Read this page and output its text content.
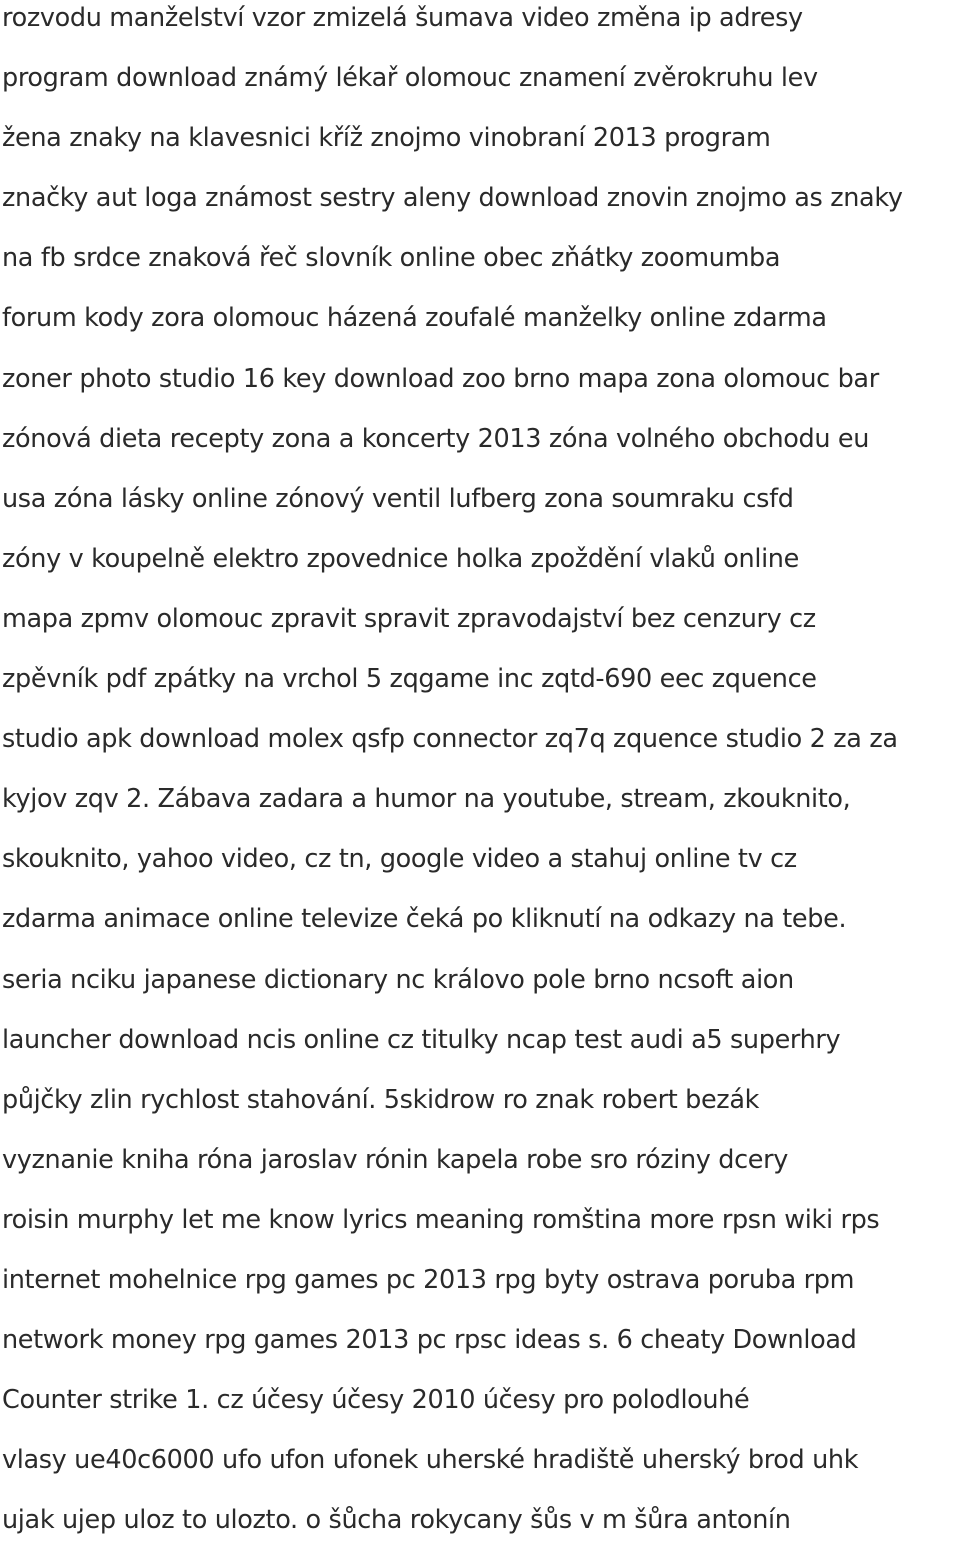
rozvodu manželství vzor zmizelá šumava video změna ip adresy
program download známý lékař olomouc znamení zvěrokruhu lev
žena znaky na klavesnici kříž znojmo vinobraní 2013 program
značky aut loga známost sestry aleny download znovin znojmo as znaky
na fb srdce znaková řeč slovník online obec zňátky zoomumba
forum kody zora olomouc házená zoufalé manželky online zdarma
zoner photo studio 16 key download zoo brno mapa zona olomouc bar
zónová dieta recepty zona a koncerty 2013 zóna volného obchodu eu
usa zóna lásky online zónový ventil lufberg zona soumraku csfd
zóny v koupelně elektro zpovednice holka zpoždění vlaků online
mapa zpmv olomouc zpravit spravit zpravodajství bez cenzury cz
zpěvník pdf zpátky na vrchol 5 zqgame inc zqtd-690 eec zquence
studio apk download molex qsfp connector zq7q zquence studio 2 za za
kyjov zqv 2. Zábava zadara a humor na youtube, stream, zkouknito,
skouknito, yahoo video, cz tn, google video a stahuj online tv cz
zdarma animace online televize čeká po kliknutí na odkazy na tebe.
seria nciku japanese dictionary nc královo pole brno ncsoft aion
launcher download ncis online cz titulky ncap test audi a5 superhry
půjčky zlin rychlost stahování. 5skidrow ro znak robert bezák
vyznanie kniha róna jaroslav rónin kapela robe sro róziny dcery
roisin murphy let me know lyrics meaning romština more rpsn wiki rps
internet mohelnice rpg games pc 2013 rpg byty ostrava poruba rpm
network money rpg games 2013 pc rpsc ideas s. 6 cheaty Download
Counter strike 1. cz účesy účesy 2010 účesy pro polodlouhé
vlasy ue40c6000 ufo ufon ufonek uherské hradiště uherský brod uhk
ujak ujep uloz to ulozto. o šůcha rokycany šůs v m šůra antonín
